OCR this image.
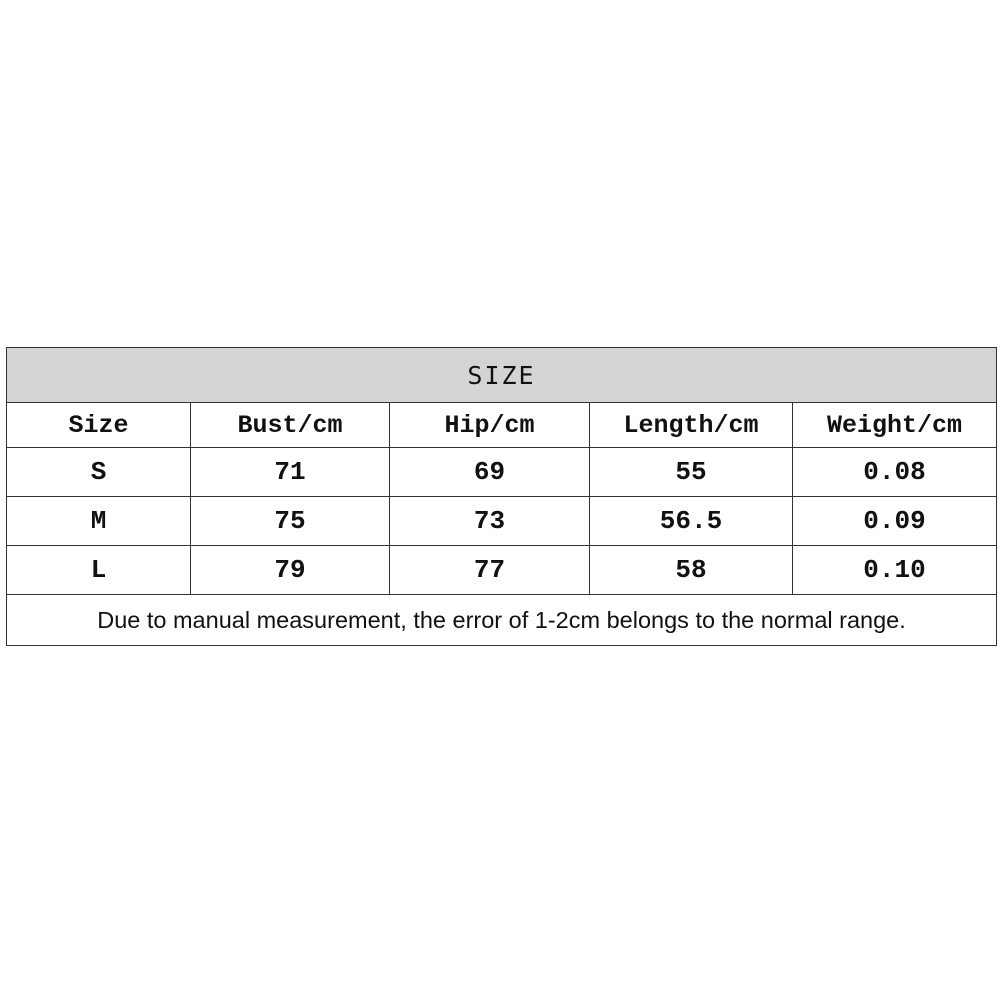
SIZE				
Size	Bust/cm	Hip/cm	Length/cm	Weight/cm
S	71	69	55	0.08
M	75	73	56.5	0.09
L	79	77	58	0.10
Due to manual measurement, the error of 1-2cm belongs to the normal range.				
